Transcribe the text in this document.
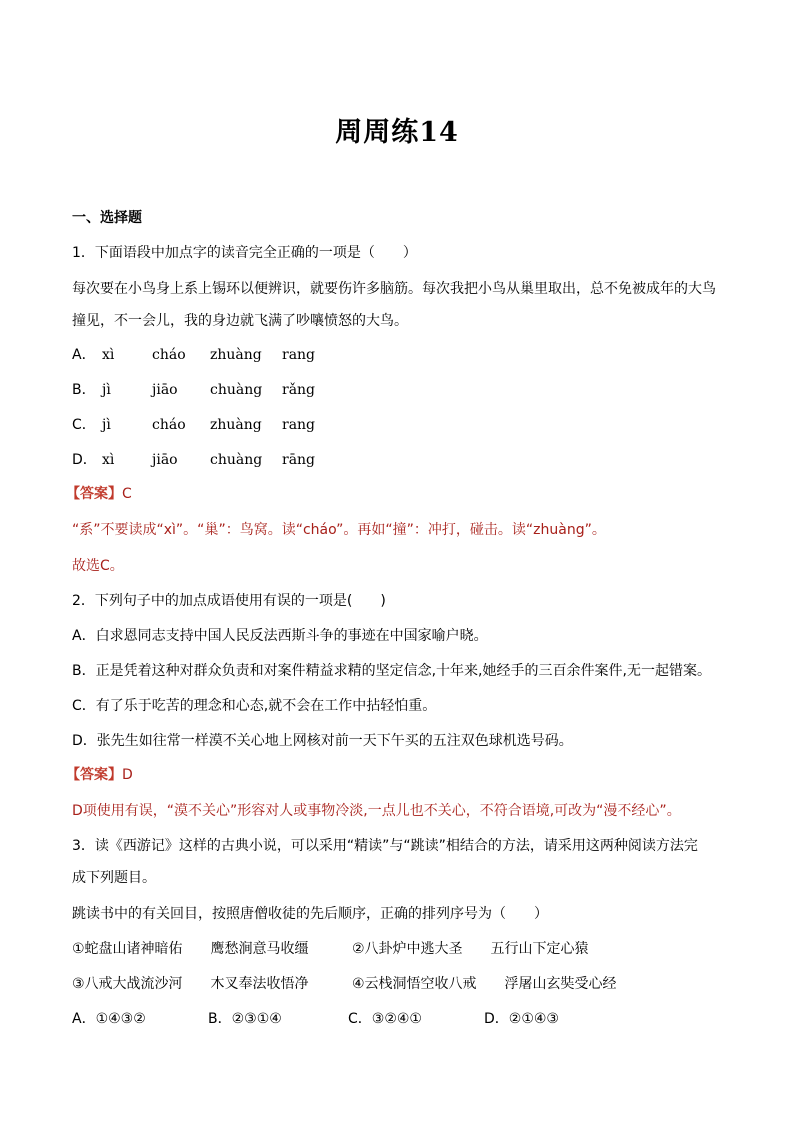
周周练14
一、选择题
1．下面语段中加点字的读音完全正确的一项是（　　）
每次要在小鸟身上系上锡环以便辨识，就要伤许多脑筋。每次我把小鸟从巢里取出，总不免被成年的大鸟
撞见，不一会儿，我的身边就飞满了吵嚷愤怒的大鸟。
A． xì	cháo zhuàng rang
B． jì	jiāo chuàng rǎng
C． jì	cháo zhuàng rang
D． xì	jiāo chuàng rāng
【答案】C
“系”不要读成“xì”。“巢”：鸟窝。读“cháo”。再如“撞”：冲打，碰击。读“zhuàng”。
故选C。
2．下列句子中的加点成语使用有误的一项是(　　)
A．白求恩同志支持中国人民反法西斯斗争的事迹在中国家喻户晓。
B．正是凭着这种对群众负责和对案件精益求精的坚定信念,十年来,她经手的三百余件案件,无一起错案。
C．有了乐于吃苦的理念和心态,就不会在工作中拈轻怕重。
D．张先生如往常一样漠不关心地上网核对前一天下午买的五注双色球机选号码。
【答案】D
D项使用有误，“漠不关心”形容对人或事物冷淡,一点儿也不关心，不符合语境,可改为“漫不经心”。
3．读《西游记》这样的古典小说，可以采用“精读”与“跳读”相结合的方法，请采用这两种阅读方法完
成下列题目。
跳读书中的有关回目，按照唐僧收徒的先后顺序，正确的排列序号为（　　）
①蛇盘山诸神暗佑　　鹰愁涧意马收缰	②八卦炉中逃大圣　　五行山下定心猿
③八戒大战流沙河　　木叉奉法收悟净	④云栈洞悟空收八戒　　浮屠山玄奘受心经
A．①④③②	B．②③①④	C．③②④①	D．②①④③
